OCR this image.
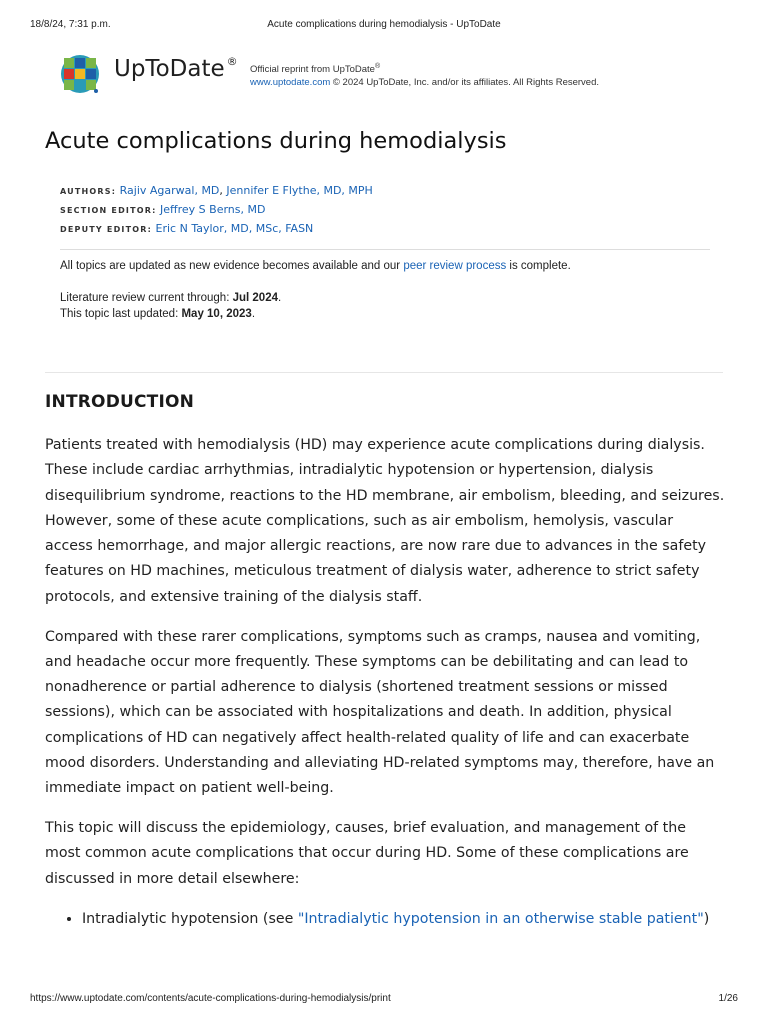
18/8/24, 7:31 p.m.	Acute complications during hemodialysis - UpToDate
UpToDate ®
Official reprint from UpToDate®
www.uptodate.com © 2024 UpToDate, Inc. and/or its affiliates. All Rights Reserved.
Acute complications during hemodialysis
AUTHORS: Rajiv Agarwal, MD, Jennifer E Flythe, MD, MPH
SECTION EDITOR: Jeffrey S Berns, MD
DEPUTY EDITOR: Eric N Taylor, MD, MSc, FASN

All topics are updated as new evidence becomes available and our peer review process is complete.

Literature review current through: Jul 2024.

This topic last updated: May 10, 2023.

INTRODUCTION

Patients treated with hemodialysis (HD) may experience acute complications during dialysis. These include cardiac arrhythmias, intradialytic hypotension or hypertension, dialysis disequilibrium syndrome, reactions to the HD membrane, air embolism, bleeding, and seizures. However, some of these acute complications, such as air embolism, hemolysis, vascular access hemorrhage, and major allergic reactions, are now rare due to advances in the safety features on HD machines, meticulous treatment of dialysis water, adherence to strict safety protocols, and extensive training of the dialysis staff.

Compared with these rarer complications, symptoms such as cramps, nausea and vomiting, and headache occur more frequently. These symptoms can be debilitating and can lead to nonadherence or partial adherence to dialysis (shortened treatment sessions or missed sessions), which can be associated with hospitalizations and death. In addition, physical complications of HD can negatively affect health-related quality of life and can exacerbate mood disorders. Understanding and alleviating HD-related symptoms may, therefore, have an immediate impact on patient well-being.

This topic will discuss the epidemiology, causes, brief evaluation, and management of the most common acute complications that occur during HD. Some of these complications are discussed in more detail elsewhere:

• Intradialytic hypotension (see "Intradialytic hypotension in an otherwise stable patient")
https://www.uptodate.com/contents/acute-complications-during-hemodialysis/print	1/26
